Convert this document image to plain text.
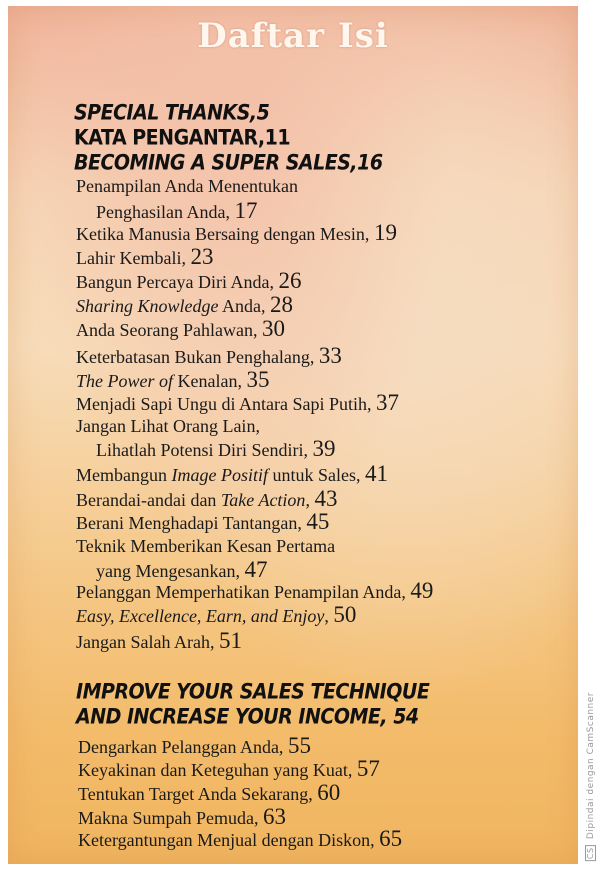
Daftar Isi
SPECIAL THANKS,5
KATA PENGANTAR,11
BECOMING A SUPER SALES,16
Penampilan Anda Menentukan
Penghasilan Anda, 17
Ketika Manusia Bersaing dengan Mesin, 19
Lahir Kembali, 23
Bangun Percaya Diri Anda, 26
Sharing Knowledge Anda, 28
Anda Seorang Pahlawan, 30
Keterbatasan Bukan Penghalang, 33
The Power of Kenalan, 35
Menjadi Sapi Ungu di Antara Sapi Putih, 37
Jangan Lihat Orang Lain,
Lihatlah Potensi Diri Sendiri, 39
Membangun Image Positif untuk Sales, 41
Berandai-andai dan Take Action, 43
Berani Menghadapi Tantangan, 45
Teknik Memberikan Kesan Pertama
yang Mengesankan, 47
Pelanggan Memperhatikan Penampilan Anda, 49
Easy, Excellence, Earn, and Enjoy, 50
Jangan Salah Arah, 51
IMPROVE YOUR SALES TECHNIQUE
AND INCREASE YOUR INCOME, 54
Dengarkan Pelanggan Anda, 55
Keyakinan dan Keteguhan yang Kuat, 57
Tentukan Target Anda Sekarang, 60
Makna Sumpah Pemuda, 63
Ketergantungan Menjual dengan Diskon, 65
CS Dipindai dengan CamScanner
